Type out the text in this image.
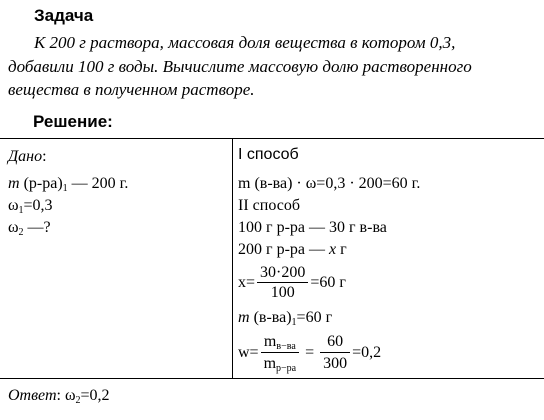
Задача
К 200 г раствора, массовая доля вещества в котором 0,3,
добавили 100 г воды. Вычислите массовую долю растворенного
вещества в полученном растворе.
Решение:
Дано:
m $(р-ра)_1$ — 200 г.
$\omega_1=0,3$
$\omega_2$ —?
I способ
m (в-ва) · ω=0,3 · 200=60 г.
II способ
100 г р-ра — 30 г в-ва
200 г р-ра — x г
$x= \frac{30\cdot 200}{100} =60$ г
m $(в-ва)_1=60$ г
$w= \frac{m_{в-ва}}{m_{р-ра}} = \frac{60}{300} =0,2$
Ответ: $\omega_2=0,2$
